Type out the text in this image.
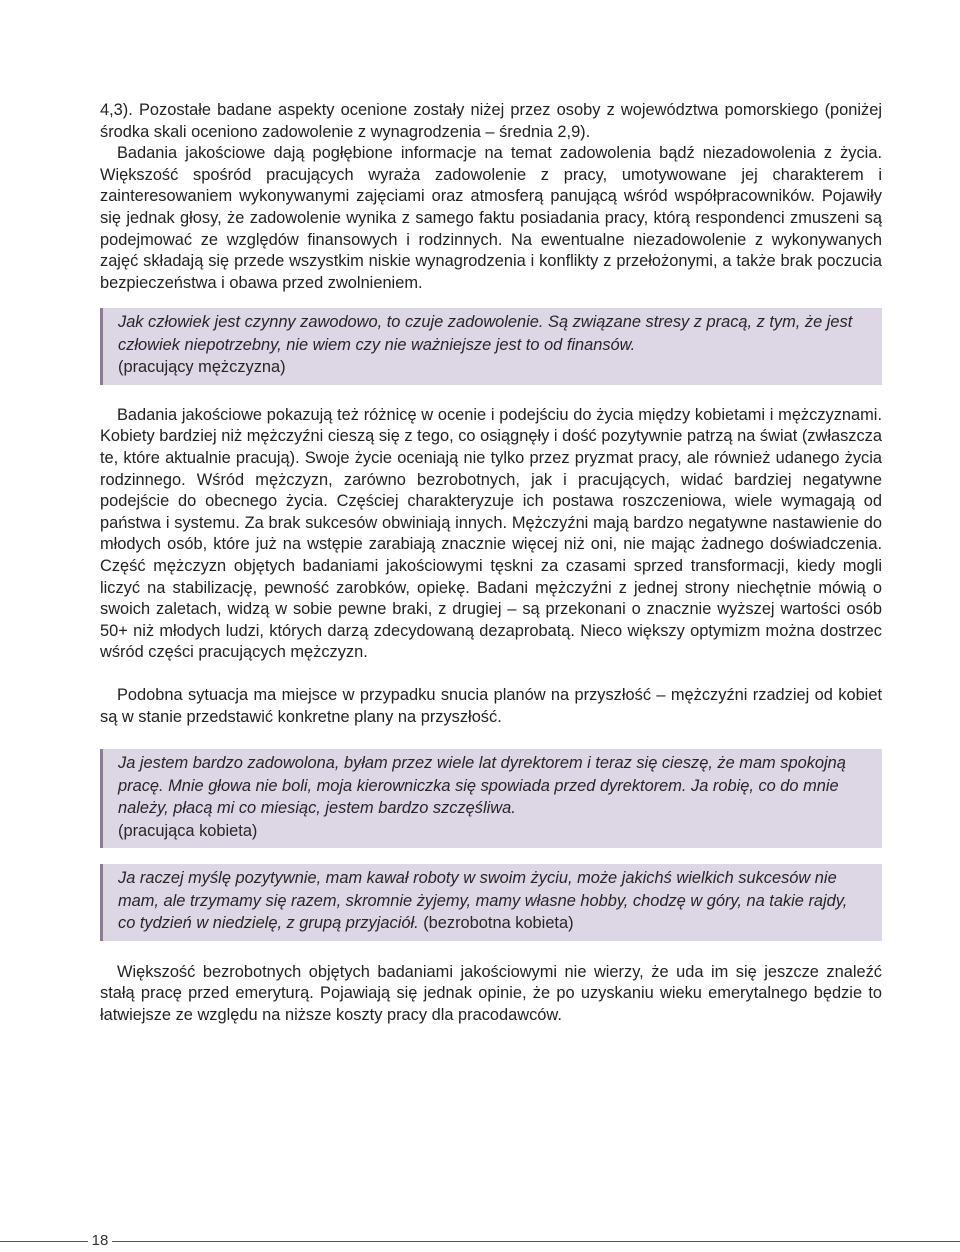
4,3). Pozostałe badane aspekty ocenione zostały niżej przez osoby z województwa pomorskiego (poniżej środka skali oceniono zadowolenie z wynagrodzenia – średnia 2,9).

Badania jakościowe dają pogłębione informacje na temat zadowolenia bądź niezadowolenia z życia. Większość spośród pracujących wyraża zadowolenie z pracy, umotywowane jej charakterem i zainteresowaniem wykonywanymi zajęciami oraz atmosferą panującą wśród współpracowników. Pojawiły się jednak głosy, że zadowolenie wynika z samego faktu posiadania pracy, którą respondenci zmuszeni są podejmować ze względów finansowych i rodzinnych. Na ewentualne niezadowolenie z wykonywanych zajęć składają się przede wszystkim niskie wynagrodzenia i konflikty z przełożonymi, a także brak poczucia bezpieczeństwa i obawa przed zwolnieniem.

Jak człowiek jest czynny zawodowo, to czuje zadowolenie. Są związane stresy z pracą, z tym, że jest człowiek niepotrzebny, nie wiem czy nie ważniejsze jest to od finansów.
(pracujący mężczyzna)

Badania jakościowe pokazują też różnicę w ocenie i podejściu do życia między kobietami i mężczyznami. Kobiety bardziej niż mężczyźni cieszą się z tego, co osiągnęły i dość pozytywnie patrzą na świat (zwłaszcza te, które aktualnie pracują). Swoje życie oceniają nie tylko przez pryzmat pracy, ale również udanego życia rodzinnego. Wśród mężczyzn, zarówno bezrobotnych, jak i pracujących, widać bardziej negatywne podejście do obecnego życia. Częściej charakteryzuje ich postawa roszczeniowa, wiele wymagają od państwa i systemu. Za brak sukcesów obwiniają innych. Mężczyźni mają bardzo negatywne nastawienie do młodych osób, które już na wstępie zarabiają znacznie więcej niż oni, nie mając żadnego doświadczenia. Część mężczyzn objętych badaniami jakościowymi tęskni za czasami sprzed transformacji, kiedy mogli liczyć na stabilizację, pewność zarobków, opiekę. Badani mężczyźni z jednej strony niechętnie mówią o swoich zaletach, widzą w sobie pewne braki, z drugiej – są przekonani o znacznie wyższej wartości osób 50+ niż młodych ludzi, których darzą zdecydowaną dezaprobatą. Nieco większy optymizm można dostrzec wśród części pracujących mężczyzn.

Podobna sytuacja ma miejsce w przypadku snucia planów na przyszłość – mężczyźni rzadziej od kobiet są w stanie przedstawić konkretne plany na przyszłość.

Ja jestem bardzo zadowolona, byłam przez wiele lat dyrektorem i teraz się cieszę, że mam spokojną pracę. Mnie głowa nie boli, moja kierowniczka się spowiada przed dyrektorem. Ja robię, co do mnie należy, płacą mi co miesiąc, jestem bardzo szczęśliwa.
(pracująca kobieta)
Ja raczej myślę pozytywnie, mam kawał roboty w swoim życiu, może jakichś wielkich sukcesów nie mam, ale trzymamy się razem, skromnie żyjemy, mamy własne hobby, chodzę w góry, na takie rajdy, co tydzień w niedzielę, z grupą przyjaciół. (bezrobotna kobieta)

Większość bezrobotnych objętych badaniami jakościowymi nie wierzy, że uda im się jeszcze znaleźć stałą pracę przed emeryturą. Pojawiają się jednak opinie, że po uzyskaniu wieku emerytalnego będzie to łatwiejsze ze względu na niższe koszty pracy dla pracodawców.

18
